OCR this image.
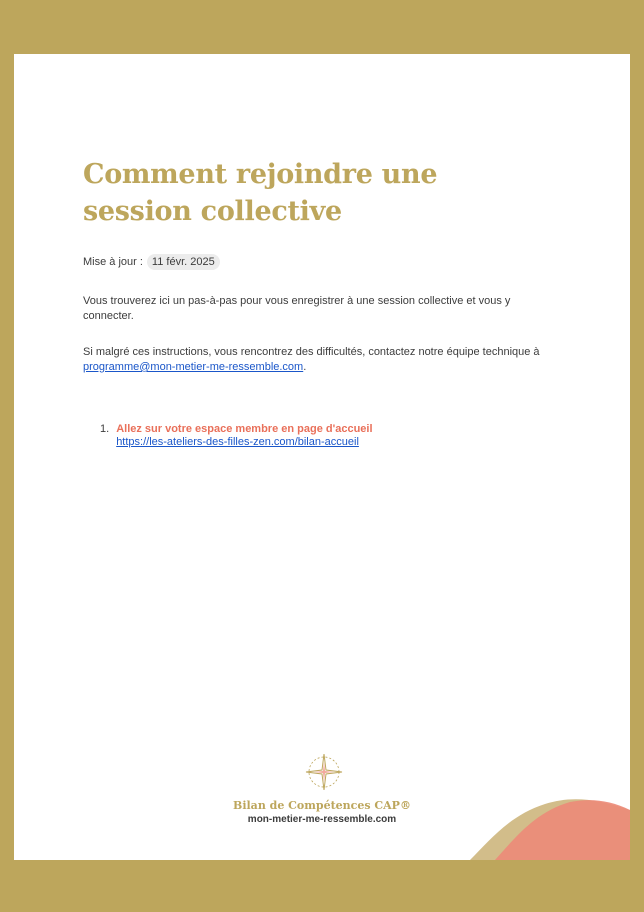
Comment rejoindre une session collective
Mise à jour : 11 févr. 2025

Vous trouverez ici un pas-à-pas pour vous enregistrer à une session collective et vous y connecter.

Si malgré ces instructions, vous rencontrez des difficultés, contactez notre équipe technique à
programme@mon-metier-me-ressemble.com.

1. Allez sur votre espace membre en page d'accueil
https://les-ateliers-des-filles-zen.com/bilan-accueil
Bilan de Compétences CAP®
mon-metier-me-ressemble.com
